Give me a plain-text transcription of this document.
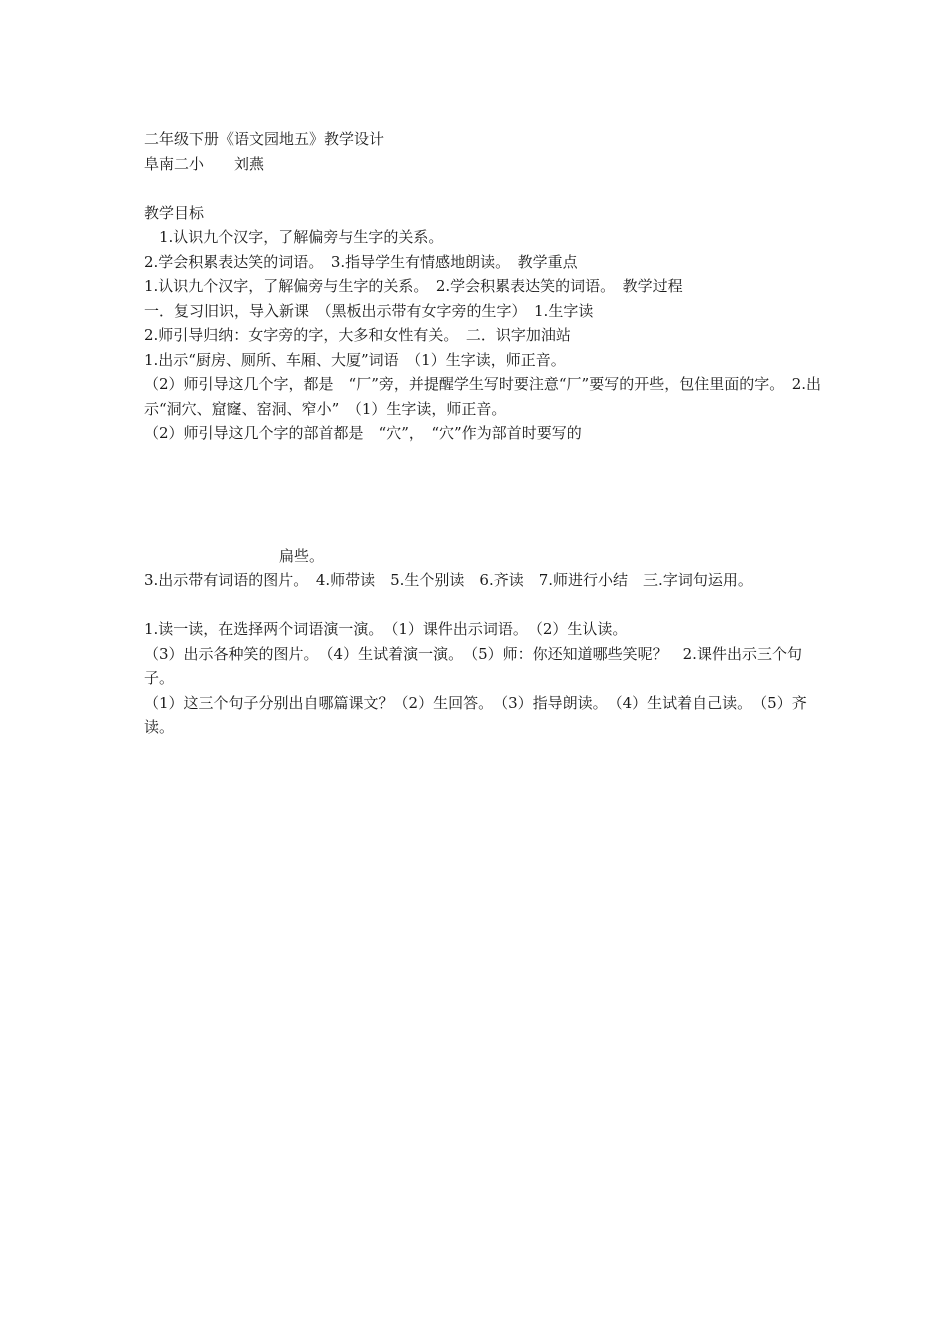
二年级下册《语文园地五》教学设计

阜南二小　　刘燕

教学目标

1.认识九个汉字，了解偏旁与生字的关系。

2.学会积累表达笑的词语。　3.指导学生有情感地朗读。　教学重点

1.认识九个汉字，了解偏旁与生字的关系。　2.学会积累表达笑的词语。　教学过程

一．复习旧识，导入新课　（黑板出示带有女字旁的生字）　1.生字读

2.师引导归纳：女字旁的字，大多和女性有关。　二．识字加油站

1.出示“厨房、厕所、车厢、大厦”词语　（1）生字读，师正音。

（2）师引导这几个字，都是　“厂”旁，并提醒学生写时要注意“厂”要写的开些，包住里面的字。　2.出示“洞穴、窟窿、窑洞、窄小”　（1）生字读，师正音。

（2）师引导这几个字的部首都是　“穴”，　“穴”作为部首时要写的

扁些。

3.出示带有词语的图片。　4.师带读　5.生个别读　6.齐读　7.师进行小结　三.字词句运用。

1.读一读，在选择两个词语演一演。　（1）课件出示词语。　（2）生认读。

（3）出示各种笑的图片。　（4）生试着演一演。　（5）师：你还知道哪些笑呢？　2.课件出示三个句子。

（1）这三个句子分别出自哪篇课文？（2）生回答。　（3）指导朗读。　（4）生试着自己读。　（5）齐读。
